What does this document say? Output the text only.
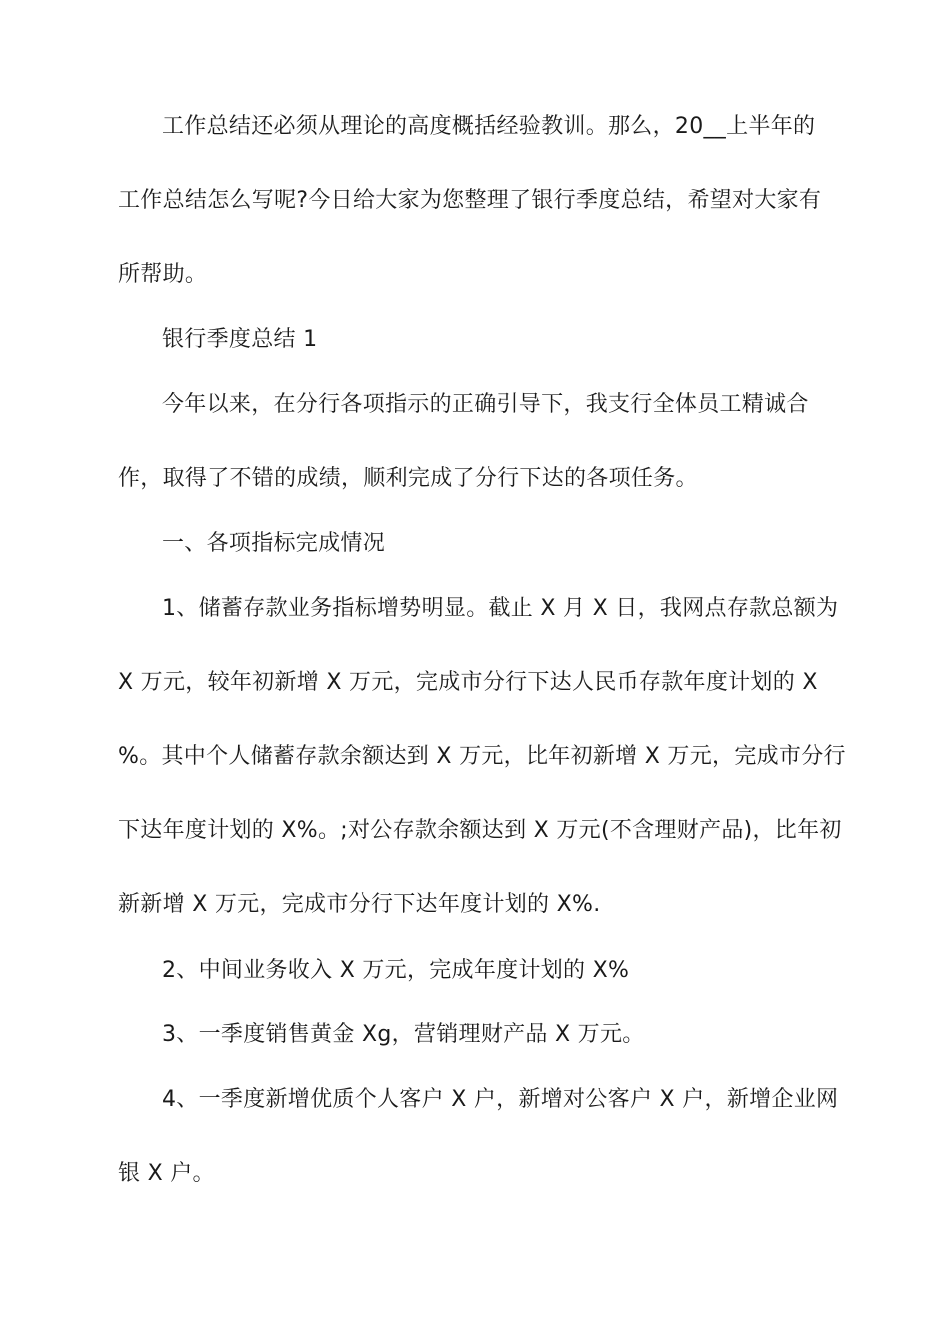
工作总结还必须从理论的高度概括经验教训。那么，20__上半年的
工作总结怎么写呢?今日给大家为您整理了银行季度总结，希望对大家有
所帮助。
银行季度总结 1
今年以来，在分行各项指示的正确引导下，我支行全体员工精诚合
作，取得了不错的成绩，顺利完成了分行下达的各项任务。
一、各项指标完成情况
1、储蓄存款业务指标增势明显。截止 X 月 X 日，我网点存款总额为
X 万元，较年初新增 X 万元，完成市分行下达人民币存款年度计划的 X
%。其中个人储蓄存款余额达到 X 万元，比年初新增 X 万元，完成市分行
下达年度计划的 X%。;对公存款余额达到 X 万元(不含理财产品)，比年初
新新增 X 万元，完成市分行下达年度计划的 X%.
2、中间业务收入 X 万元，完成年度计划的 X%
3、一季度销售黄金 Xg，营销理财产品 X 万元。
4、一季度新增优质个人客户 X 户，新增对公客户 X 户，新增企业网
银 X 户。
